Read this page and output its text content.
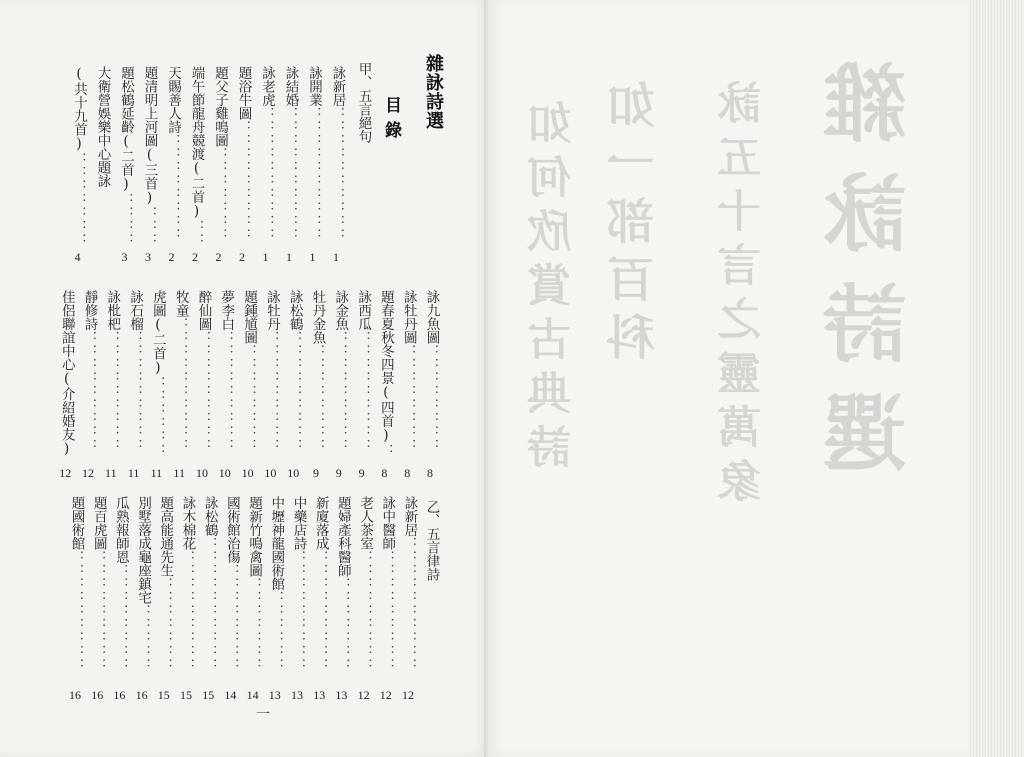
雜詠詩選
目錄
甲、五言絕句
乙、五言律詩
詠新居：：：：：：：：：：
1
詠開業：：：：：：：：：：
1
詠結婚：：：：：：：：：：
1
詠老虎：：：：：：：：：：
1
題浴牛圖：：：：：：：：：
2
題父子雞鳴圖：：：：：：：
2
端午節龍舟競渡(二首)：：
2
天賜善人詩：：：：：：：：
2
題清明上河圖(三首)：：：
3
題松鶴延齡(二首)：：：：
3
大衛營娛樂中心題詠
(共十九首)：：：：：：：
4
詠九魚圖：：：：：：：：
8
詠牡丹圖：：：：：：：：
8
題春夏秋冬四景(四首)：
8
詠西瓜：：：：：：：：：
9
詠金魚：：：：：：：：：
9
牡丹金魚：：：：：：：：
9
詠松鶴：：：：：：：：：
10
詠牡丹：：：：：：：：：
10
題鍾馗圖：：：：：：：：
10
夢李白：：：：：：：：：
10
醉仙圖：：：：：：：：：
10
牧童：：：：：：：：：：
11
虎圖(二首)：：：：：：
11
詠石榴：：：：：：：：：
11
詠枇杷：：：：：：：：：
11
靜修詩：：：：：：：：：
12
佳侶聯誼中心(介紹婚友)
12
詠新居：：：：：：：：：：
12
詠中醫師：：：：：：：：：
12
老人茶室：：：：：：：：：
12
題婦產科醫師：：：：：：：
13
新廈落成：：：：：：：：：
13
中藥店詩：：：：：：：：：
13
中壢神龍國術館：：：：：：
13
題新竹鳴禽圖：：：：：：：
14
國術館治傷：：：：：：：：
14
詠松鶴：：：：：：：：：：
15
詠木棉花：：：：：：：：：
15
題高能通先生：：：：：：：
15
別墅落成龜座鎮宅：：：：：
16
瓜熟報師恩：：：：：：：：
16
題百虎圖：：：：：：：：：
16
題國術館：：：：：：：：：
16
一
雜詠詩選
詠五十言之靈萬象
如一部百科
如何欣賞古典詩
